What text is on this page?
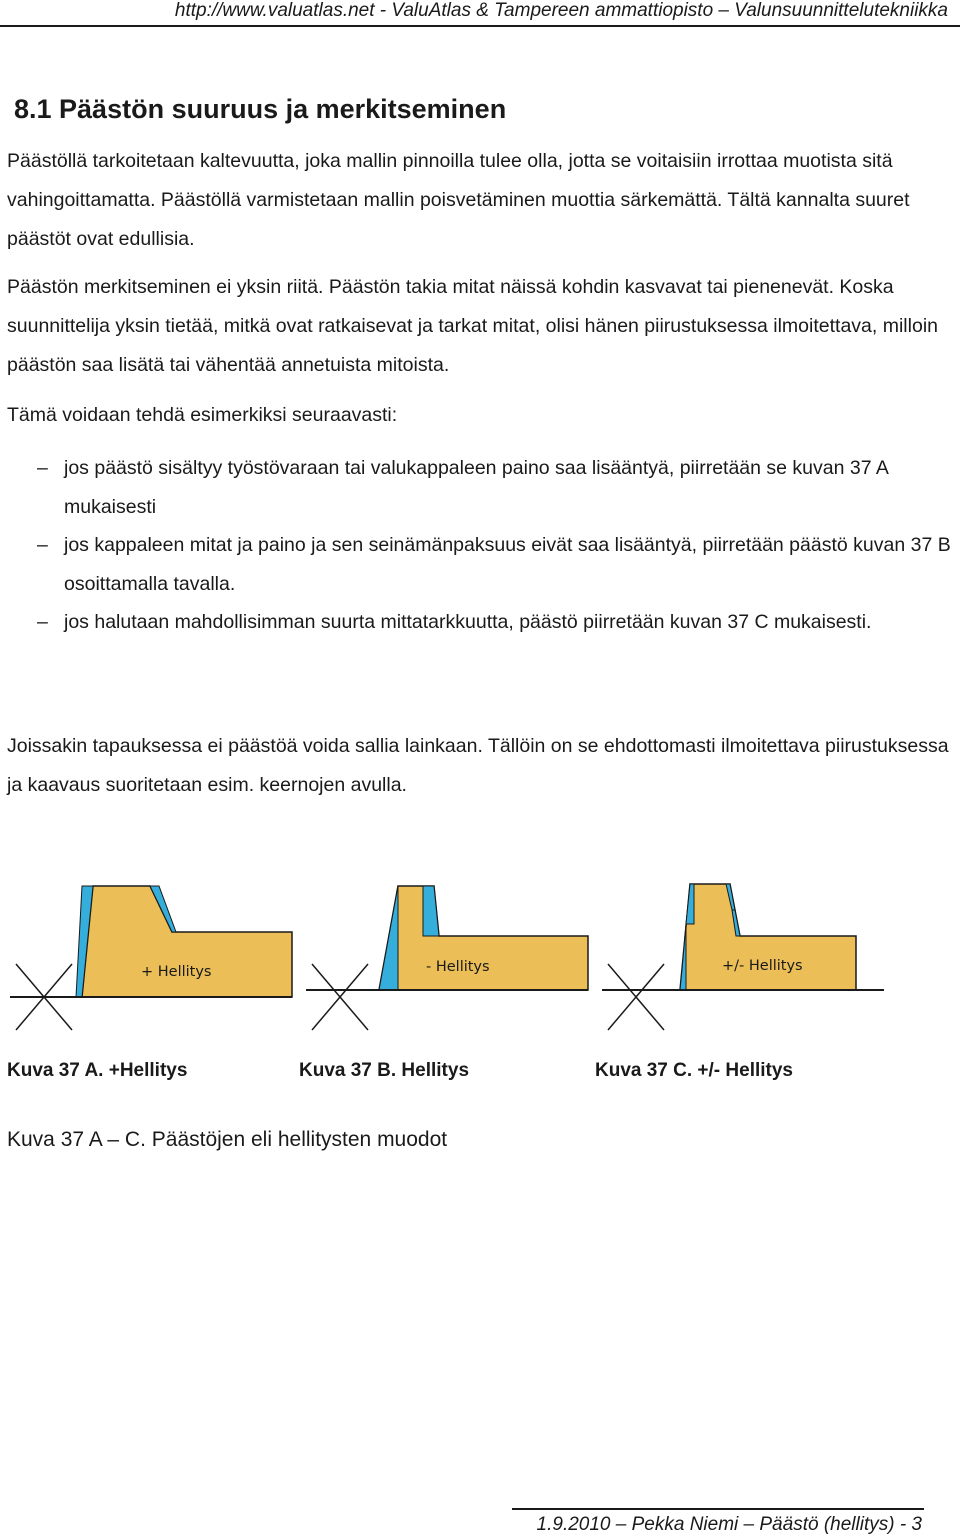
http://www.valuatlas.net - ValuAtlas & Tampereen ammattiopisto – Valunsuunnittelutekniikka
8.1 Päästön suuruus ja merkitseminen

Päästöllä tarkoitetaan kaltevuutta, joka mallin pinnoilla tulee olla, jotta se voitaisiin irrottaa muotista sitä vahingoittamatta. Päästöllä varmistetaan mallin poisvetäminen muottia särkemättä. Tältä kannalta suuret päästöt ovat edullisia.

Päästön merkitseminen ei yksin riitä. Päästön takia mitat näissä kohdin kasvavat tai pienenevät. Koska suunnittelija yksin tietää, mitkä ovat ratkaisevat ja tarkat mitat, olisi hänen piirustuksessa ilmoitettava, milloin päästön saa lisätä tai vähentää annetuista mitoista.

Tämä voidaan tehdä esimerkiksi seuraavasti:

– jos päästö sisältyy työstövaraan tai valukappaleen paino saa lisääntyä, piirretään se kuvan 37 A mukaisesti
– jos kappaleen mitat ja paino ja sen seinämänpaksuus eivät saa lisääntyä, piirretään päästö kuvan 37 B osoittamalla tavalla.
– jos halutaan mahdollisimman suurta mittatarkkuutta, päästö piirretään kuvan 37 C mukaisesti.

Joissakin tapauksessa ei päästöä voida sallia lainkaan. Tällöin on se ehdottomasti ilmoitettava piirustuksessa ja kaavaus suoritetaan esim. keernojen avulla.

+ Hellitys	- Hellitys	+/- Hellitys
Kuva 37 A. +Hellitys	Kuva 37 B. Hellitys	Kuva 37 C. +/- Hellitys
Kuva 37 A – C. Päästöjen eli hellitysten muodot
1.9.2010 – Pekka Niemi – Päästö (hellitys) - 3
